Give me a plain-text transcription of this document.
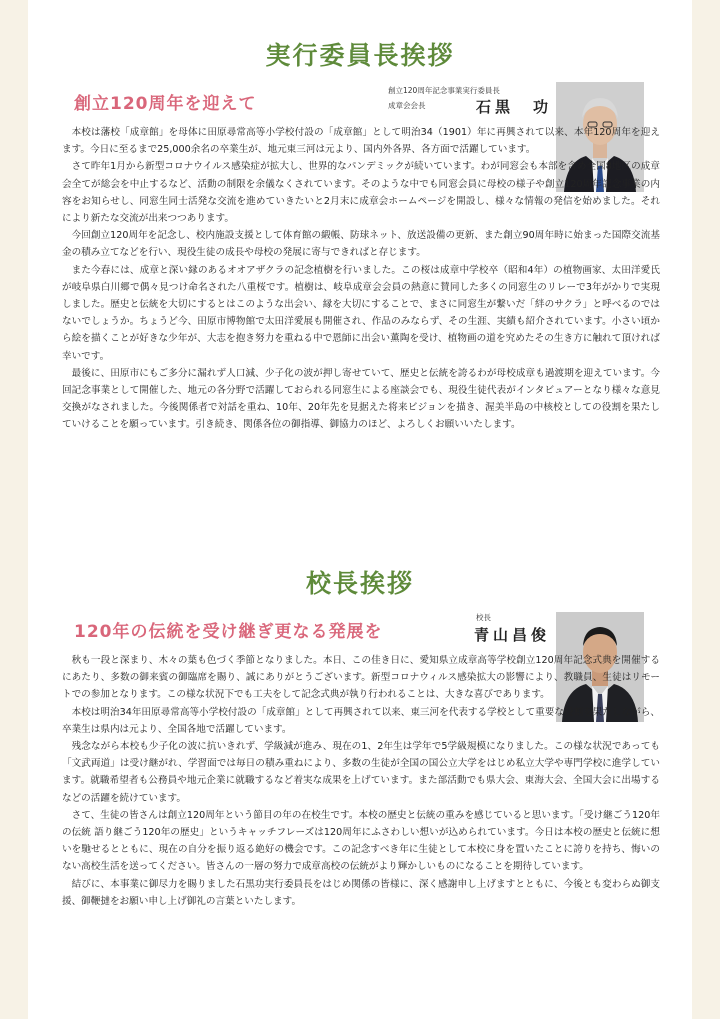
実行委員長挨拶
創立120周年を迎えて
創立120周年記念事業実行委員長
成章会会長	石黒　功

本校は藩校「成章館」を母体に田原尋常高等小学校付設の「成章館」として明治34（1901）年に再興されて以来、本年120周年を迎えます。今日に至るまで25,000余名の卒業生が、地元東三河は元より、国内外各界、各方面で活躍しています。

さて昨年1月から新型コロナウイルス感染症が拡大し、世界的なパンデミックが続いています。わが同窓会も本部を含め全国8地区の成章会全てが総会を中止するなど、活動の制限を余儀なくされています。そのような中でも同窓会員に母校の様子や創立120周年記念事業の内容をお知らせし、同窓生同士活発な交流を進めていきたいと2月末に成章会ホームページを開設し、様々な情報の発信を始めました。それにより新たな交流が出来つつあります。

今回創立120周年を記念し、校内施設支援として体育館の緞帳、防球ネット、放送設備の更新、また創立90周年時に始まった国際交流基金の積み立てなどを行い、現役生徒の成長や母校の発展に寄与できればと存じます。

また今春には、成章と深い縁のあるオオアザクラの記念植樹を行いました。この桜は成章中学校卒（昭和4年）の植物画家、太田洋愛氏が岐阜県白川郷で偶々見つけ命名された八重桜です。植樹は、岐阜成章会会員の熱意に賛同した多くの同窓生のリレーで3年がかりで実現しました。歴史と伝統を大切にするとはこのような出会い、縁を大切にすることで、まさに同窓生が繋いだ「絆のサクラ」と呼べるのではないでしょうか。ちょうど今、田原市博物館で太田洋愛展も開催され、作品のみならず、その生涯、実績も紹介されています。小さい頃から絵を描くことが好きな少年が、大志を抱き努力を重ねる中で恩師に出会い薫陶を受け、植物画の道を究めたその生き方に触れて頂ければ幸いです。

最後に、田原市にもご多分に漏れず人口減、少子化の波が押し寄せていて、歴史と伝統を誇るわが母校成章も過渡期を迎えています。今回記念事業として開催した、地元の各分野で活躍しておられる同窓生による座談会でも、現役生徒代表がインタビュアーとなり様々な意見交換がなされました。今後関係者で対話を重ね、10年、20年先を見据えた将来ビジョンを描き、渥美半島の中核校としての役割を果たしていけることを願っています。引き続き、関係各位の御指導、御協力のほど、よろしくお願いいたします。

校長挨拶
120年の伝統を受け継ぎ更なる発展を
校長
青山昌俊

秋も一段と深まり、木々の葉も色づく季節となりました。本日、この佳き日に、愛知県立成章高等学校創立120周年記念式典を開催するにあたり、多数の御来賓の御臨席を賜り、誠にありがとうございます。新型コロナウィルス感染拡大の影響により、教職員、生徒はリモートでの参加となります。この様な状況下でも工夫をして記念式典が執り行われることは、大きな喜びであります。

本校は明治34年田原尋常高等小学校付設の「成章館」として再興されて以来、東三河を代表する学校として重要な役割を果たしながら、卒業生は県内は元より、全国各地で活躍しています。

残念ながら本校も少子化の波に抗いきれず、学級減が進み、現在の1、2年生は学年で5学級規模になりました。この様な状況であっても「文武両道」は受け継がれ、学習面では毎日の積み重ねにより、多数の生徒が全国の国公立大学をはじめ私立大学や専門学校に進学しています。就職希望者も公務員や地元企業に就職するなど着実な成果を上げています。また部活動でも県大会、東海大会、全国大会に出場するなどの活躍を続けています。

さて、生徒の皆さんは創立120周年という節目の年の在校生です。本校の歴史と伝統の重みを感じていると思います。「受け継ごう120年の伝統 語り継ごう120年の歴史」というキャッチフレーズは120周年にふさわしい想いが込められています。今日は本校の歴史と伝統に想いを馳せるとともに、現在の自分を振り返る絶好の機会です。この記念すべき年に生徒として本校に身を置いたことに誇りを持ち、悔いのない高校生活を送ってください。皆さんの一層の努力で成章高校の伝統がより輝かしいものになることを期待しています。

結びに、本事業に御尽力を賜りました石黒功実行委員長をはじめ関係の皆様に、深く感謝申し上げますとともに、今後とも変わらぬ御支援、御鞭撻をお願い申し上げ御礼の言葉といたします。
